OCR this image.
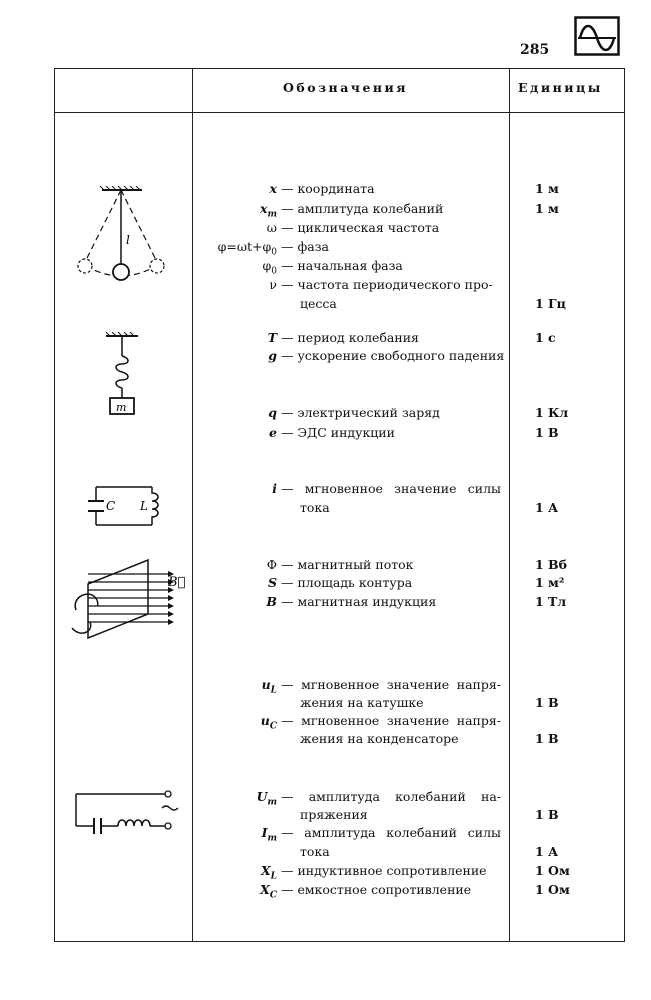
285
Обозначения	Единицы
l
m
C L
B⃗
x — координата	1 м
$x_m$ — амплитуда колебаний	1 м
ω — циклическая частота
$\varphi=\omega t+\varphi_0$ — фаза
$\varphi_0$ — начальная фаза
ν — частота периодического про-
цесса	1 Гц
T — период колебания	1 с
g — ускорение свободного падения
q — электрический заряд	1 Кл
e — ЭДС индукции	1 В
i — мгновенное значение силы
тока	1 А
Φ — магнитный поток	1 Вб
S — площадь контура	1 м²
B — магнитная индукция	1 Тл
$u_L$ — мгновенное значение напря-
жения на катушке	1 В
$u_C$ — мгновенное значение напря-
жения на конденсаторе	1 В
$U_m$ — амплитуда колебаний на-
пряжения	1 В
$I_m$ — амплитуда колебаний силы
тока	1 А
$X_L$ — индуктивное сопротивление	1 Ом
$X_C$ — емкостное сопротивление	1 Ом
